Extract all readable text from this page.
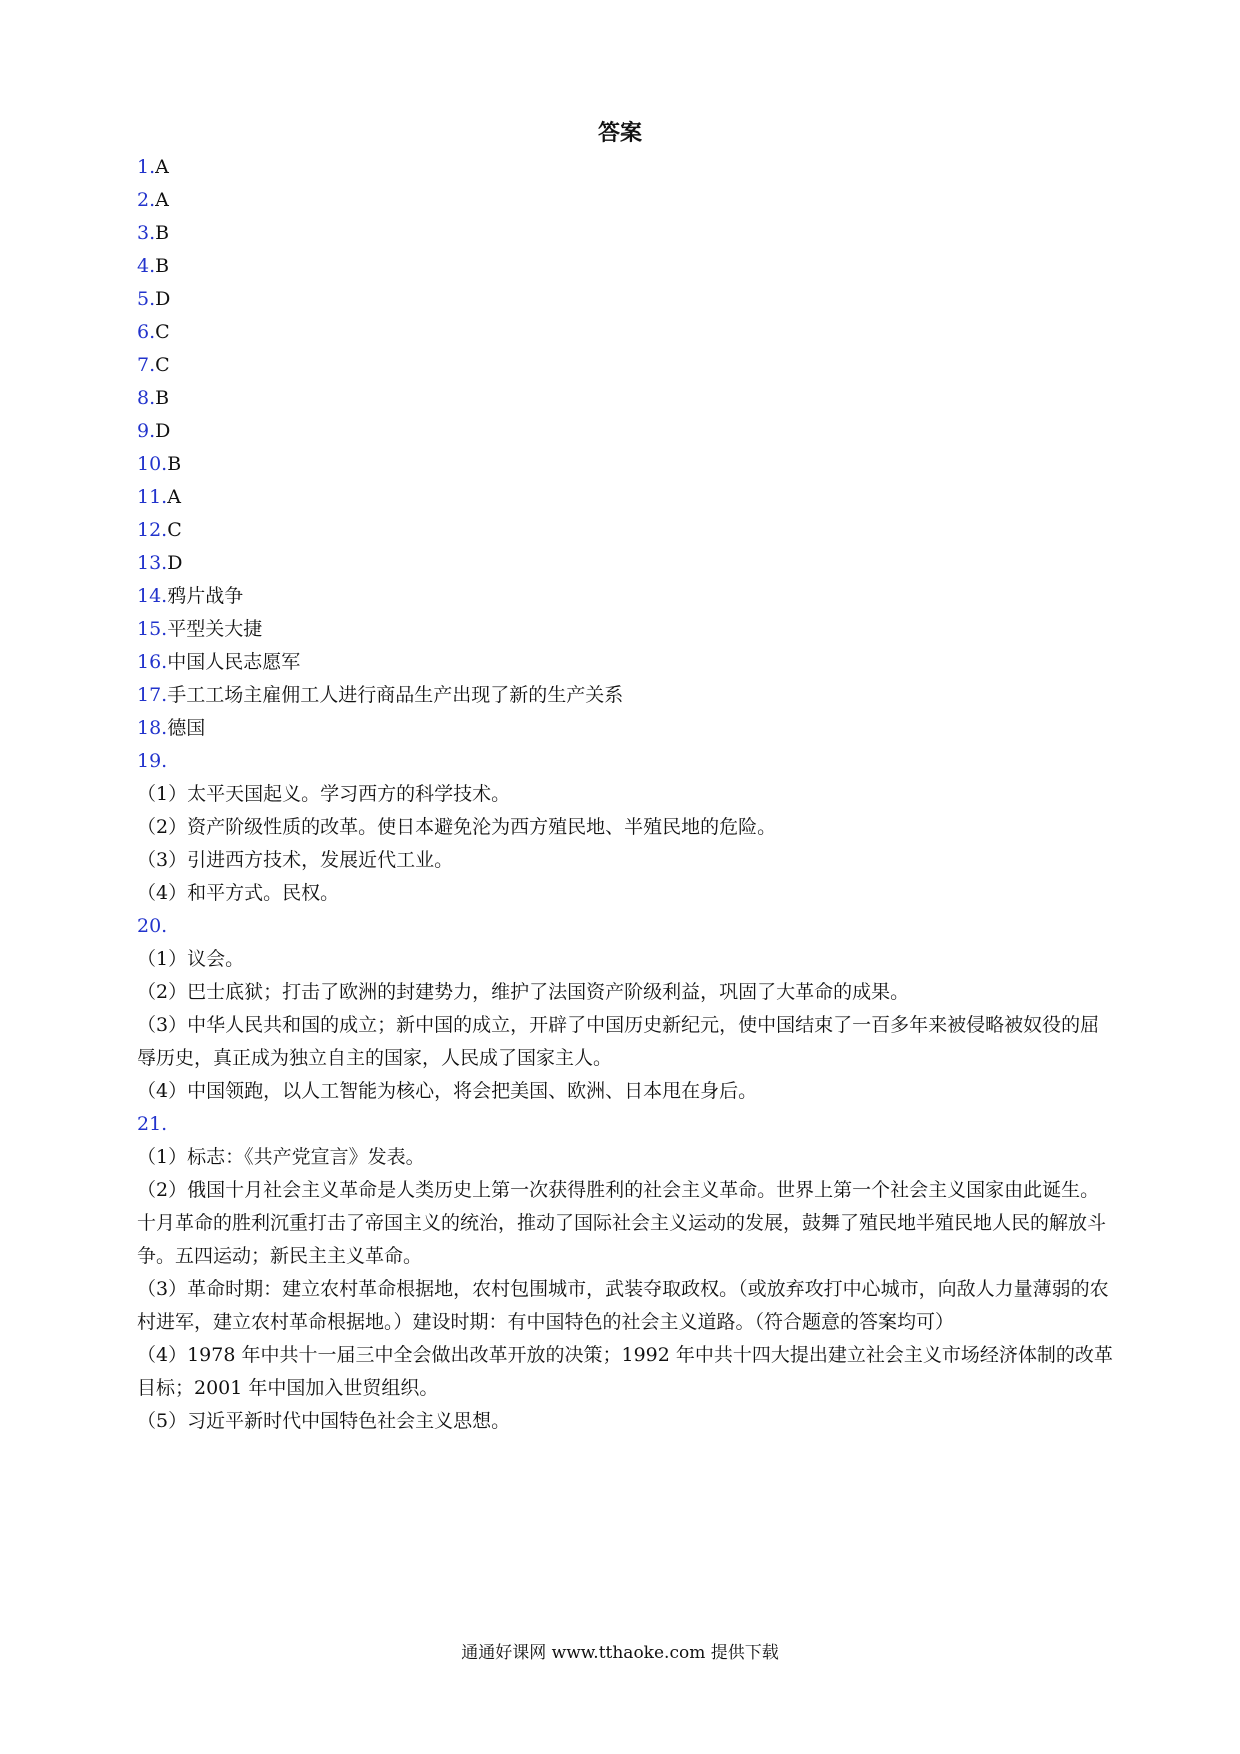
答案
1.A
2.A
3.B
4.B
5.D
6.C
7.C
8.B
9.D
10.B
11.A
12.C
13.D
14.鸦片战争
15.平型关大捷
16.中国人民志愿军
17.手工工场主雇佣工人进行商品生产出现了新的生产关系
18.德国
19.
（1）太平天国起义。学习西方的科学技术。
（2）资产阶级性质的改革。使日本避免沦为西方殖民地、半殖民地的危险。
（3）引进西方技术，发展近代工业。
（4）和平方式。民权。
20.
（1）议会。
（2）巴士底狱；打击了欧洲的封建势力，维护了法国资产阶级利益，巩固了大革命的成果。
（3）中华人民共和国的成立；新中国的成立，开辟了中国历史新纪元，使中国结束了一百多年来被侵略被奴役的屈辱历史，真正成为独立自主的国家，人民成了国家主人。
（4）中国领跑，以人工智能为核心，将会把美国、欧洲、日本甩在身后。
21.
（1）标志：《共产党宣言》发表。
（2）俄国十月社会主义革命是人类历史上第一次获得胜利的社会主义革命。世界上第一个社会主义国家由此诞生。十月革命的胜利沉重打击了帝国主义的统治，推动了国际社会主义运动的发展，鼓舞了殖民地半殖民地人民的解放斗争。五四运动；新民主主义革命。
（3）革命时期：建立农村革命根据地，农村包围城市，武装夺取政权。（或放弃攻打中心城市，向敌人力量薄弱的农村进军，建立农村革命根据地。）建设时期：有中国特色的社会主义道路。（符合题意的答案均可）
（4）1978 年中共十一届三中全会做出改革开放的决策；1992 年中共十四大提出建立社会主义市场经济体制的改革目标；2001 年中国加入世贸组织。
（5）习近平新时代中国特色社会主义思想。
通通好课网 www.tthaoke.com 提供下载
